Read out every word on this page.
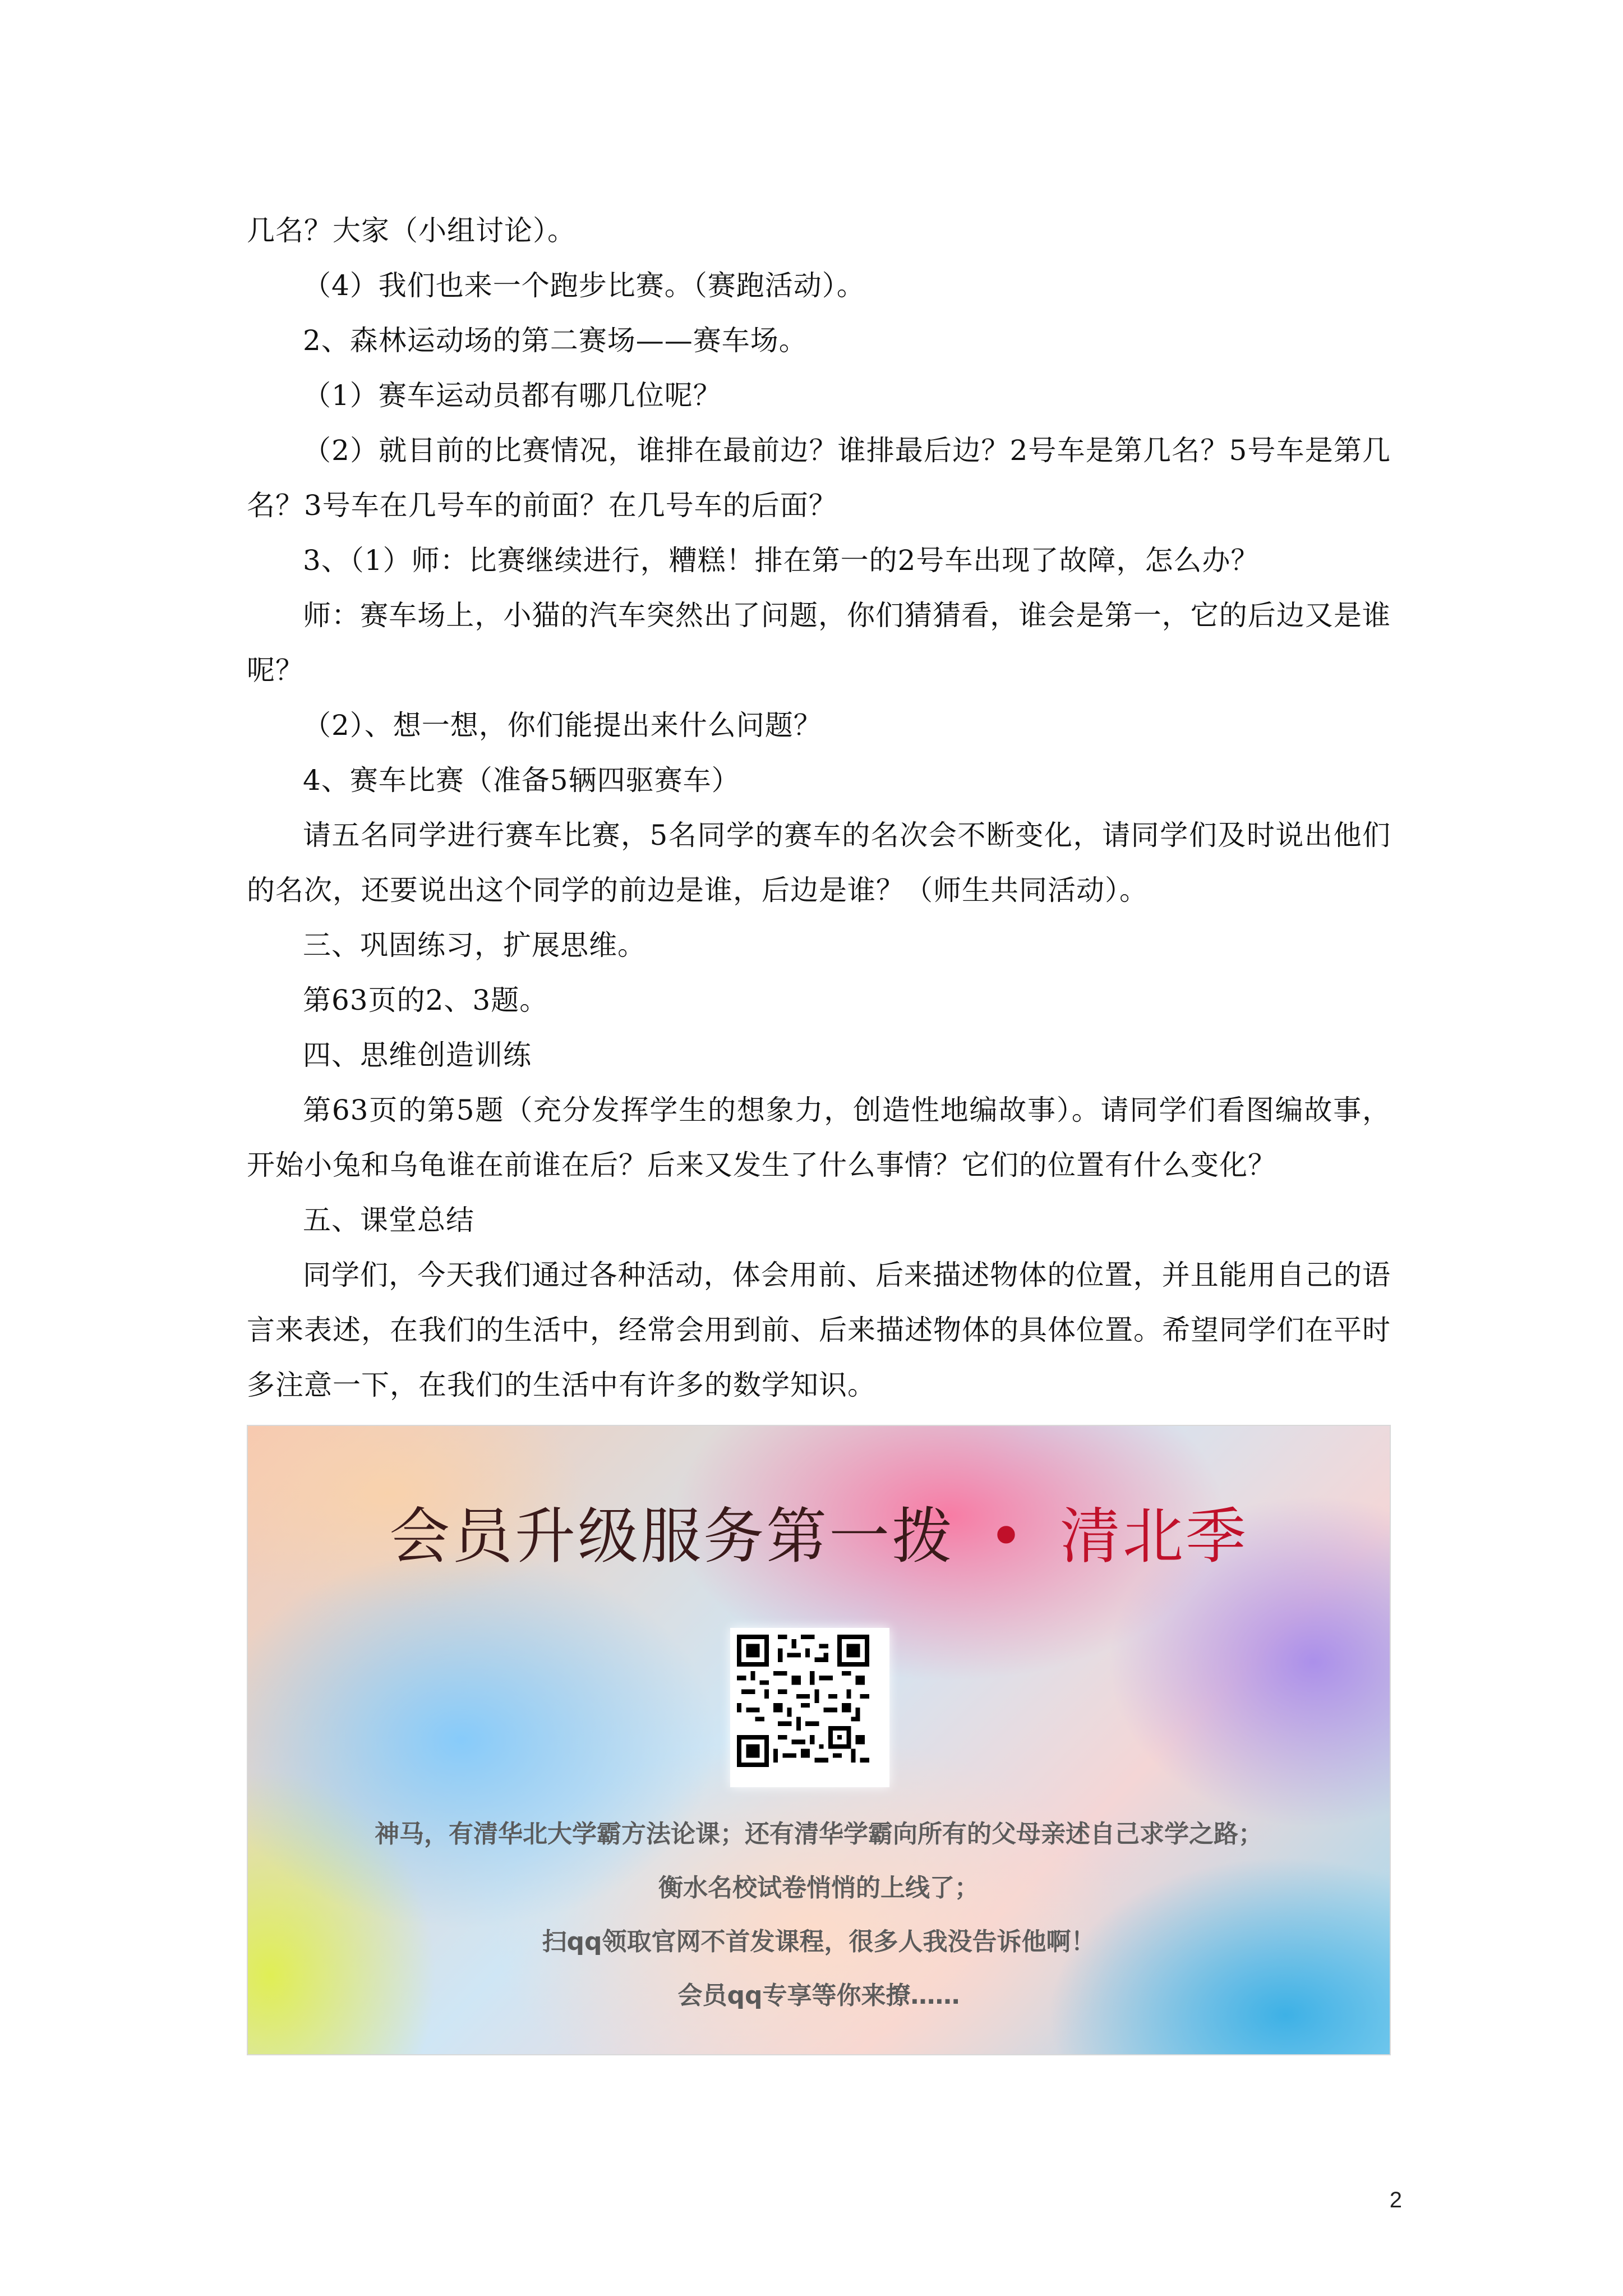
几名？大家（小组讨论）。

（4）我们也来一个跑步比赛。（赛跑活动）。

2、森林运动场的第二赛场——赛车场。

（1）赛车运动员都有哪几位呢？

（2）就目前的比赛情况，谁排在最前边？谁排最后边？2号车是第几名？5号车是第几名？3号车在几号车的前面？在几号车的后面？

3、（1）师：比赛继续进行，糟糕！排在第一的2号车出现了故障，怎么办？

师：赛车场上，小猫的汽车突然出了问题，你们猜猜看，谁会是第一，它的后边又是谁呢？

（2）、想一想，你们能提出来什么问题？

4、赛车比赛（准备5辆四驱赛车）

请五名同学进行赛车比赛，5名同学的赛车的名次会不断变化，请同学们及时说出他们的名次，还要说出这个同学的前边是谁，后边是谁？（师生共同活动）。

三、巩固练习，扩展思维。

第63页的2、3题。

四、思维创造训练

第63页的第5题（充分发挥学生的想象力，创造性地编故事）。请同学们看图编故事，开始小兔和乌龟谁在前谁在后？后来又发生了什么事情？它们的位置有什么变化？

五、课堂总结

同学们，今天我们通过各种活动，体会用前、后来描述物体的位置，并且能用自己的语言来表述，在我们的生活中，经常会用到前、后来描述物体的具体位置。希望同学们在平时多注意一下，在我们的生活中有许多的数学知识。

会员升级服务第一拨 • 清北季
神马，有清华北大学霸方法论课；还有清华学霸向所有的父母亲述自己求学之路；
衡水名校试卷悄悄的上线了；
扫qq领取官网不首发课程，很多人我没告诉他啊！
会员qq专享等你来撩……
2
